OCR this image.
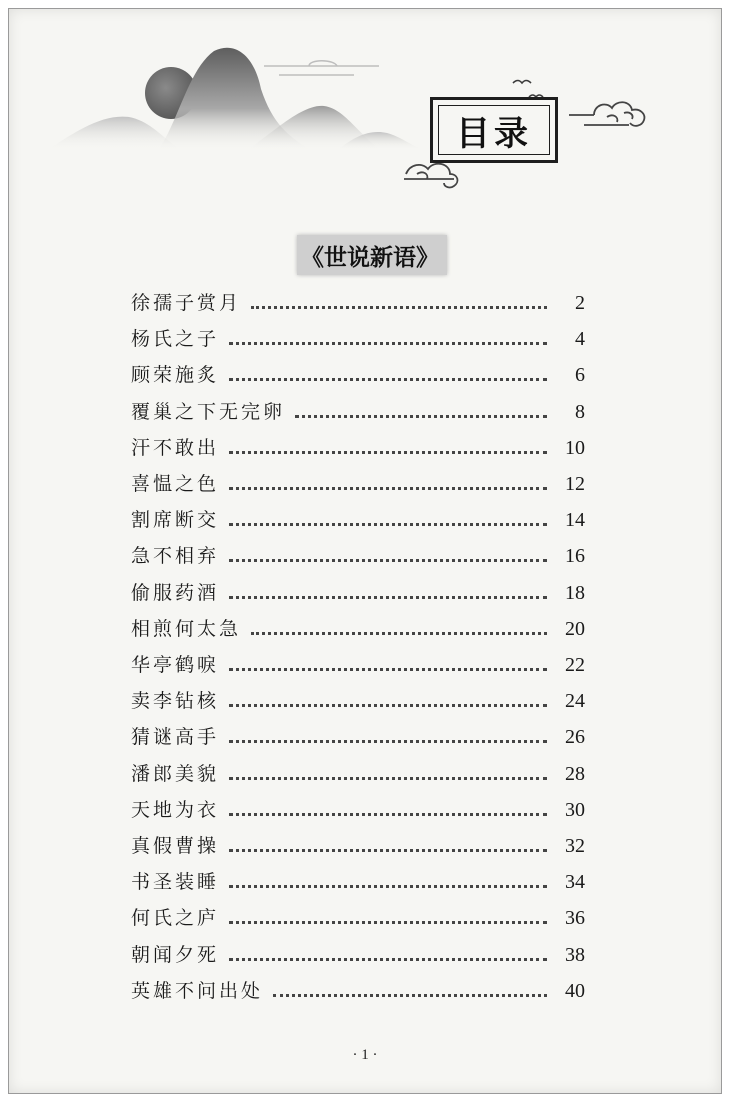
目录
《世说新语》
徐孺子赏月	2
杨氏之子	4
顾荣施炙	6
覆巢之下无完卵	8
汗不敢出	10
喜愠之色	12
割席断交	14
急不相弃	16
偷服药酒	18
相煎何太急	20
华亭鹤唳	22
卖李钻核	24
猜谜高手	26
潘郎美貌	28
天地为衣	30
真假曹操	32
书圣装睡	34
何氏之庐	36
朝闻夕死	38
英雄不问出处	40
· 1 ·
